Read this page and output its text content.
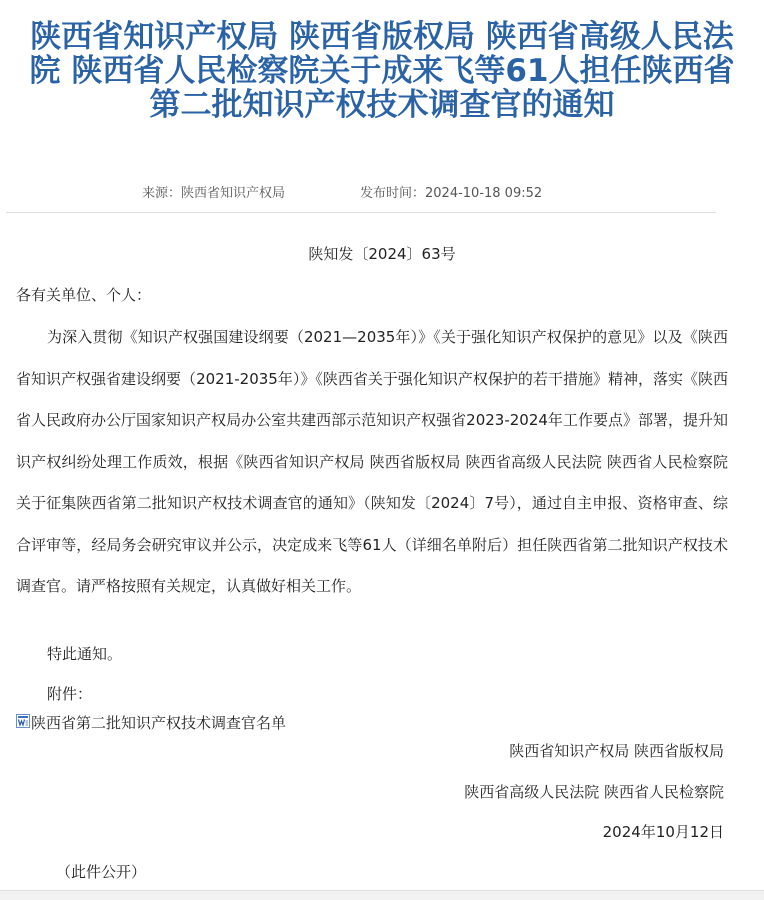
陕西省知识产权局 陕西省版权局 陕西省高级人民法院 陕西省人民检察院关于成来飞等61人担任陕西省第二批知识产权技术调查官的通知
来源：陕西省知识产权局	发布时间：2024-10-18 09:52
陕知发〔2024〕63号
各有关单位、个人：

为深入贯彻《知识产权强国建设纲要（2021—2035年）》《关于强化知识产权保护的意见》以及《陕西省知识产权强省建设纲要（2021-2035年）》《陕西省关于强化知识产权保护的若干措施》精神，落实《陕西省人民政府办公厅国家知识产权局办公室共建西部示范知识产权强省2023-2024年工作要点》部署，提升知识产权纠纷处理工作质效，根据《陕西省知识产权局 陕西省版权局 陕西省高级人民法院 陕西省人民检察院关于征集陕西省第二批知识产权技术调查官的通知》（陕知发〔2024〕7号），通过自主申报、资格审查、综合评审等，经局务会研究审议并公示，决定成来飞等61人（详细名单附后）担任陕西省第二批知识产权技术调查官。请严格按照有关规定，认真做好相关工作。

特此通知。
附件：
陕西省第二批知识产权技术调查官名单
陕西省知识产权局 陕西省版权局
陕西省高级人民法院 陕西省人民检察院
2024年10月12日
（此件公开）
